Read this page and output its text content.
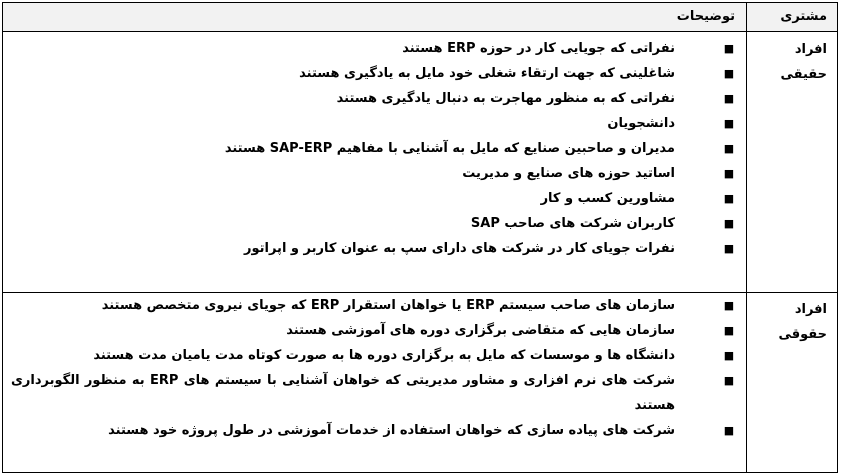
مشتری
توضیحات
افراد
حقیقی
■
نفراتی که جویایی کار در حوزه ERP هستند
■
شاغلینی که جهت ارتقاء شغلی خود مایل به یادگیری هستند
■
نفراتی که به منظور مهاجرت به دنبال یادگیری هستند
■
دانشجویان
■
مدیران و صاحبین صنایع که مایل به آشنایی با مفاهیم SAP-ERP هستند
■
اساتید حوزه های صنایع و مدیریت
■
مشاورین کسب و کار
■
کاربران شرکت های صاحب SAP
■
نفرات جویای کار در شرکت های دارای سپ به عنوان کاربر و اپراتور
افراد
حقوقی
■
سازمان های صاحب سیستم ERP یا خواهان استقرار ERP که جویای نیروی متخصص هستند
■
سازمان هایی که متقاضی برگزاری دوره های آموزشی هستند
■
دانشگاه ها و موسسات که مایل به برگزاری دوره ها به صورت کوتاه مدت یامیان مدت هستند
■
شرکت های نرم افزاری و مشاور مدیریتی که خواهان آشنایی با سیستم های ERP به منظور الگوبرداری هستند
■
شرکت های پیاده سازی که خواهان استفاده از خدمات آموزشی در طول پروژه خود هستند
